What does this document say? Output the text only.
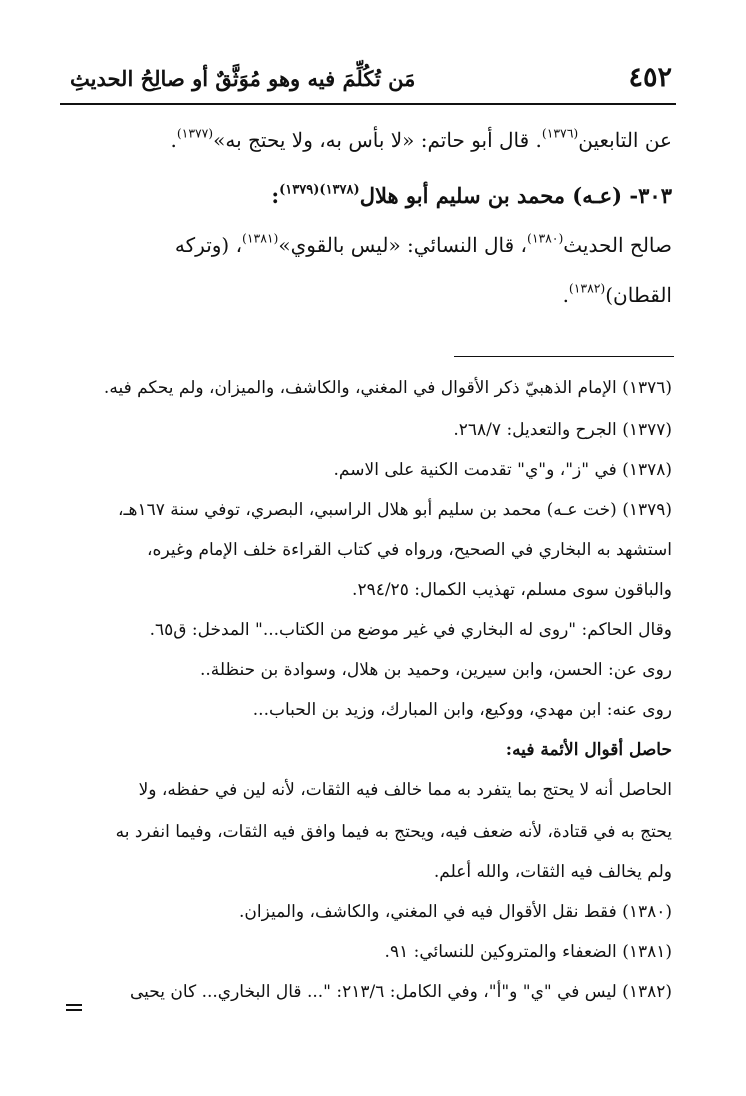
٤٥٢
مَن تُكُلِّمَ فيه وهو مُوَثَّقٌ أو صالِحُ الحديثِ
عن التابعين$^{(١٣٧٦)}$. قال أبو حاتم: «لا بأس به، ولا يحتج به»$^{(١٣٧٧)}$.
٣٠٣- (عـه) محمد بن سليم أبو هلال$^{(١٣٧٨)(١٣٧٩)}$:
صالح الحديث$^{(١٣٨٠)}$، قال النسائي: «ليس بالقوي»$^{(١٣٨١)}$، (وتركه
القطان)$^{(١٣٨٢)}$.
(١٣٧٦) الإمام الذهبيّ ذكر الأقوال في المغني، والكاشف، والميزان، ولم يحكم فيه.
(١٣٧٧) الجرح والتعديل: ٢٦٨/٧.
(١٣٧٨) في "ز"، و"ي" تقدمت الكنية على الاسم.
(١٣٧٩) (خت عـه) محمد بن سليم أبو هلال الراسبي، البصري، توفي سنة ١٦٧هـ،
استشهد به البخاري في الصحيح، ورواه في كتاب القراءة خلف الإمام وغيره،
والباقون سوى مسلم، تهذيب الكمال: ٢٩٤/٢٥.
وقال الحاكم: "روى له البخاري في غير موضع من الكتاب..." المدخل: ق٦٥.
روى عن: الحسن، وابن سيرين، وحميد بن هلال، وسوادة بن حنظلة..
روى عنه: ابن مهدي، ووكيع، وابن المبارك، وزيد بن الحباب...
حاصل أقوال الأئمة فيه:
الحاصل أنه لا يحتج بما يتفرد به مما خالف فيه الثقات، لأنه لين في حفظه، ولا
يحتج به في قتادة، لأنه ضعف فيه، ويحتج به فيما وافق فيه الثقات، وفيما انفرد به
ولم يخالف فيه الثقات، والله أعلم.
(١٣٨٠) فقط نقل الأقوال فيه في المغني، والكاشف، والميزان.
(١٣٨١) الضعفاء والمتروكين للنسائي: ٩١.
(١٣٨٢) ليس في "ي" و"أ"، وفي الكامل: ٢١٣/٦: "... قال البخاري... كان يحيى
